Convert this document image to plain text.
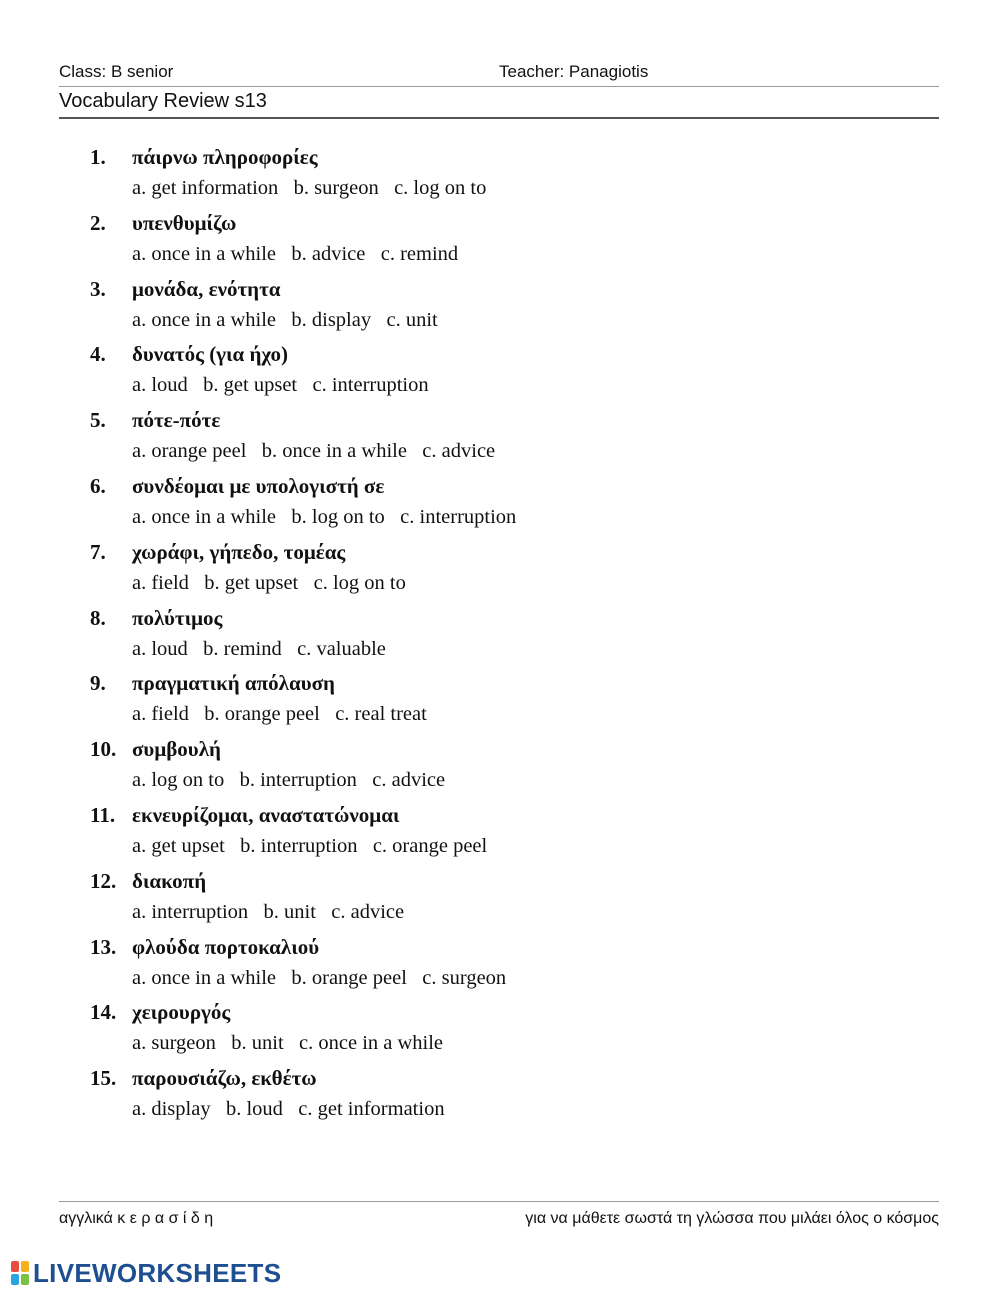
Class: B senior	Teacher: Panagiotis
Vocabulary Review s13
1. πάιρνω πληροφορίες
a. get information   b. surgeon   c. log on to
2. υπενθυμίζω
a. once in a while   b. advice   c. remind
3. μονάδα, ενότητα
a. once in a while   b. display   c. unit
4. δυνατός (για ήχο)
a. loud   b. get upset   c. interruption
5. πότε-πότε
a. orange peel   b. once in a while   c. advice
6. συνδέομαι με υπολογιστή σε
a. once in a while   b. log on to   c. interruption
7. χωράφι, γήπεδο, τομέας
a. field   b. get upset   c. log on to
8. πολύτιμος
a. loud   b. remind   c. valuable
9. πραγματική απόλαυση
a. field   b. orange peel   c. real treat
10. συμβουλή
a. log on to   b. interruption   c. advice
11. εκνευρίζομαι, αναστατώνομαι
a. get upset   b. interruption   c. orange peel
12. διακοπή
a. interruption   b. unit   c. advice
13. φλούδα πορτοκαλιού
a. once in a while   b. orange peel   c. surgeon
14. χειρουργός
a. surgeon   b. unit   c. once in a while
15. παρουσιάζω, εκθέτω
a. display   b. loud   c. get information
αγγλικά κ ε ρ α σ ί δ η	για να μάθετε σωστά τη γλώσσα που μιλάει όλος ο κόσμος
LIVEWORKSHEETS
